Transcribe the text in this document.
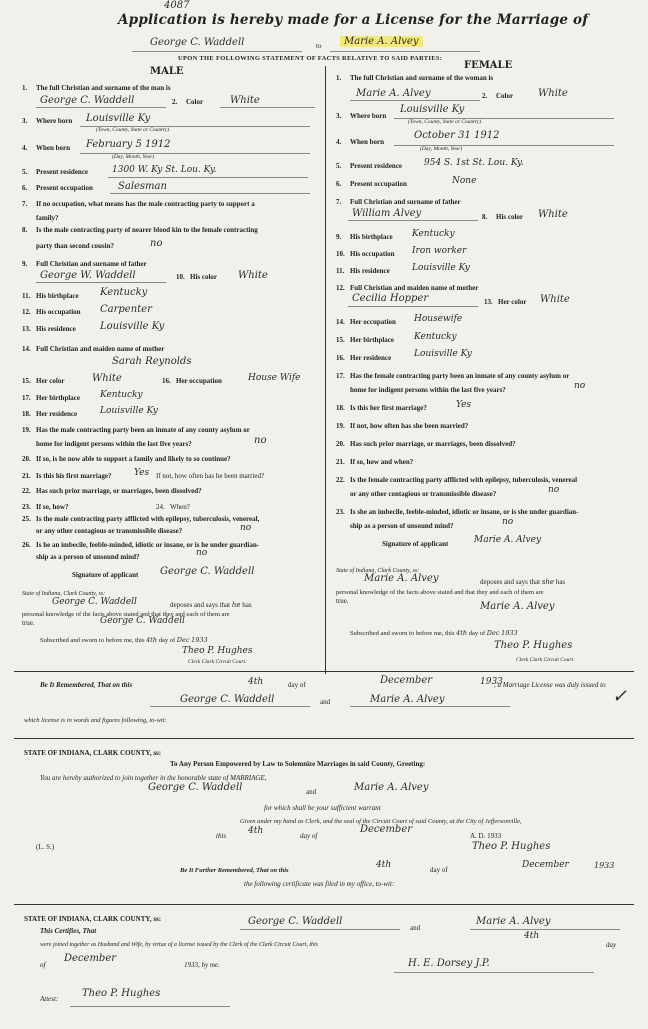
4087
Application is hereby made for a License for the Marriage of
George C. Waddell	to	Marie A. Alvey
UPON THE FOLLOWING STATEMENT OF FACTS RELATIVE TO SAID PARTIES:
MALE
1. The full Christian and surname of the man is
George C. Waddell	2. Color	White
3. Where born Louisville Ky
(Town, County, State or Country)
4. When born February 5 1912
(Day, Month, Year)
5. Present residence	1300 W. Ky St. Lou. Ky.
6. Present occupation	Salesman
7. If no occupation, what means has the male contracting party to support a
family?
8. Is the male contracting party of nearer blood kin to the female contracting
party than second cousin?	no
9. Full Christian and surname of father
George W. Waddell	10. His color White
11. His birthplace Kentucky
12. His occupation Carpenter
13. His residence Louisville Ky
14. Full Christian and maiden name of mother
Sarah Reynolds
15. Her color	White	16. Her occupation	House Wife
17. Her birthplace Kentucky
18. Her residence	Louisville Ky
19. Has the male contracting party been an inmate of any county asylum or
home for indigent persons within the last five years?	no
20. If so, is he now able to support a family and likely to so continue?
21. Is this his first marriage?	Yes If not, how often has he been married?
22. Has such prior marriage, or marriages, been dissolved?
23. If so, how?	24. When?
25. Is the male contracting party afflicted with epilepsy, tuberculosis, venereal,
or any other contagious or transmissible disease?	no
26. Is he an imbecile, feeble-minded, idiotic or insane, or is he under guardian-
ship as a person of unsound mind?	no
Signature of applicant George C. Waddell
State of Indiana, Clark County, ss:
George C. Waddell	deposes and says that he has
personal knowledge of the facts above stated and that they and each of them are
true.	George C. Waddell
Subscribed and sworn to before me, this 4th day of Dec 1933
Theo P. Hughes
Clerk Clark Circuit Court.
FEMALE
1. The full Christian and surname of the woman is
Marie A. Alvey	2. Color White
3. Where born
Louisville Ky
(Town, County, State or Country)
4. When born
October 31 1912
(Day, Month, Year)
5. Present residence 954 S. 1st St. Lou. Ky.
6. Present occupation	None
7. Full Christian and surname of father
William Alvey	8. His color White
9. His birthplace Kentucky
10. His occupation Iron worker
11. His residence Louisville Ky
12. Full Christian and maiden name of mother
Cecilia Hopper	13. Her color White
14. Her occupation Housewife
15. Her birthplace Kentucky
16. Her residence	Louisville Ky
17. Has the female contracting party been an inmate of any county asylum or
home for indigent persons within the last five years?	no
18. Is this her first marriage?	Yes
19. If not, how often has she been married?
20. Has such prior marriage, or marriages, been dissolved?
21. If so, how and when?
22. Is the female contracting party afflicted with epilepsy, tuberculosis, venereal
or any other contagious or transmissible disease?	no
23. Is she an imbecile, feeble-minded, idiotic or insane, or is she under guardian-
ship as a person of unsound mind?	no
Signature of applicant	Marie A. Alvey
State of Indiana, Clark County, ss:
Marie A. Alvey	deposes and says that she has
personal knowledge of the facts above stated and that they and each of them are
true.	Marie A. Alvey
Subscribed and sworn to before me, this 4th day of Dec 1933
Theo P. Hughes
Clerk Clark Circuit Court.
Be It Remembered, That on this	4th	day of	December	1933
, a Marriage License was duly issued to
George C. Waddell	and	Marie A. Alvey	✓
which license is in words and figures following, to-wit:
STATE OF INDIANA, CLARK COUNTY, ss:
To Any Person Empowered by Law to Solemnize Marriages in said County, Greeting:
You are hereby authorized to join together in the honorable state of MARRIAGE,
George C. Waddell	and	Marie A. Alvey
for which shall be your sufficient warrant
Given under my hand as Clerk, and the seal of the Circuit Court of said County, at the City of Jeffersonville,
(L. S.)
this 4th	day of
December
A. D. 1933
Theo P. Hughes
Be It Further Remembered, That on this
4th	day of	December	1933
the following certificate was filed in my office, to-wit:
STATE OF INDIANA, CLARK COUNTY, ss:
This Certifies, That
George C. Waddell
and
Marie A. Alvey
were joined together as Husband and Wife, by virtue of a license issued by the Clerk of the Clark Circuit Court, this
4th
day
of
December
1933, by me.	H. E. Dorsey J.P.
Attest: Theo P. Hughes
